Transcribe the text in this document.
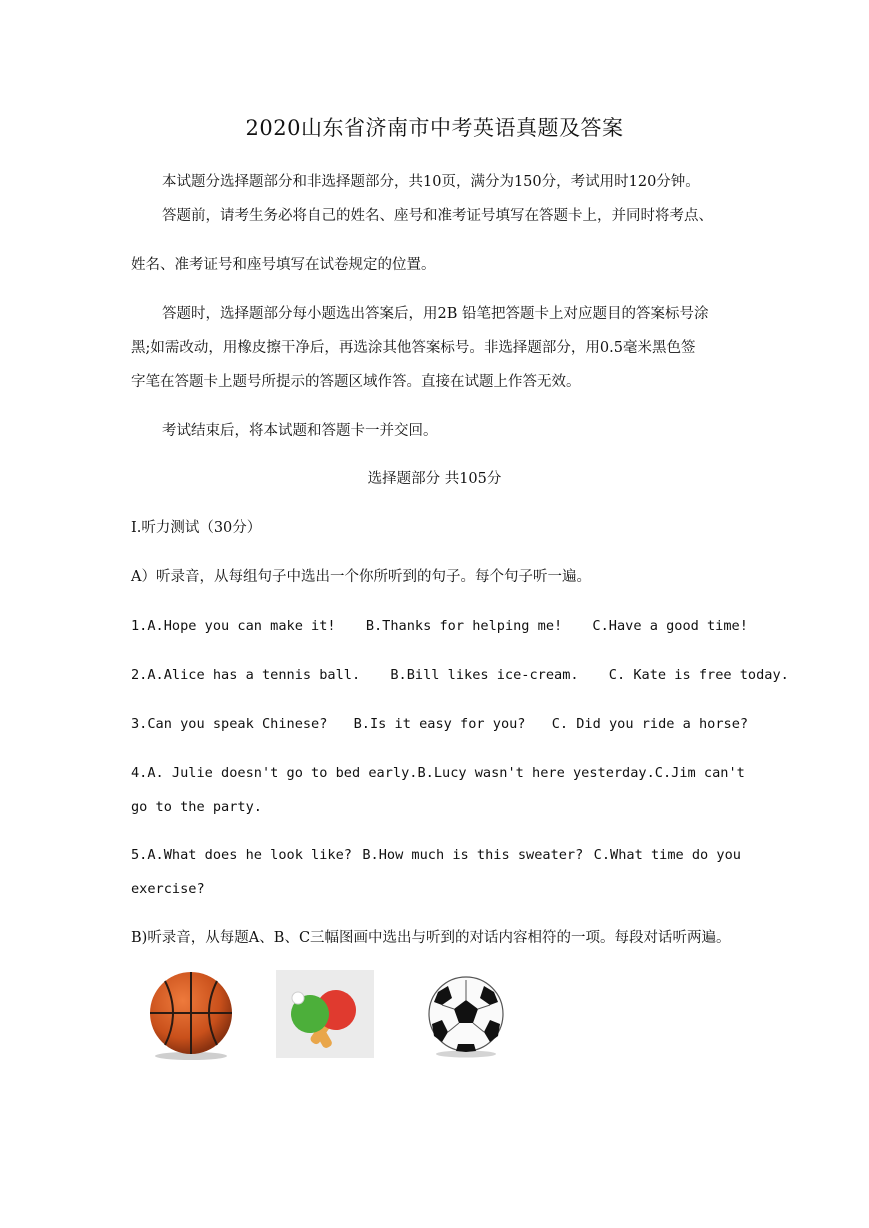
2020山东省济南市中考英语真题及答案
本试题分选择题部分和非选择题部分，共10页，满分为150分，考试用时120分钟。
答题前，请考生务必将自己的姓名、座号和准考证号填写在答题卡上，并同时将考点、
姓名、准考证号和座号填写在试卷规定的位置。
答题时，选择题部分每小题选出答案后，用2B 铅笔把答题卡上对应题目的答案标号涂
黑;如需改动，用橡皮擦干净后，再选涂其他答案标号。非选择题部分，用0.5毫米黑色签
字笔在答题卡上题号所提示的答题区域作答。直接在试题上作答无效。
考试结束后，将本试题和答题卡一并交回。
选择题部分 共105分
I.听力测试（30分）
A）听录音，从每组句子中选出一个你所听到的句子。每个句子听一遍。
1.A.Hope you can make it! B.Thanks for helping me! C.Have a good time!
2.A.Alice has a tennis ball. B.Bill likes ice-cream. C. Kate is free today.
3.Can you speak Chinese? B.Is it easy for you? C. Did you ride a horse?
4.A. Julie doesn't go to bed early. B.Lucy wasn't here yesterday. C.Jim can't
go to the party.
5.A.What does he look like? B.How much is this sweater? C.What time do you
exercise?
B)听录音，从每题A、B、C三幅图画中选出与听到的对话内容相符的一项。每段对话听两遍。
